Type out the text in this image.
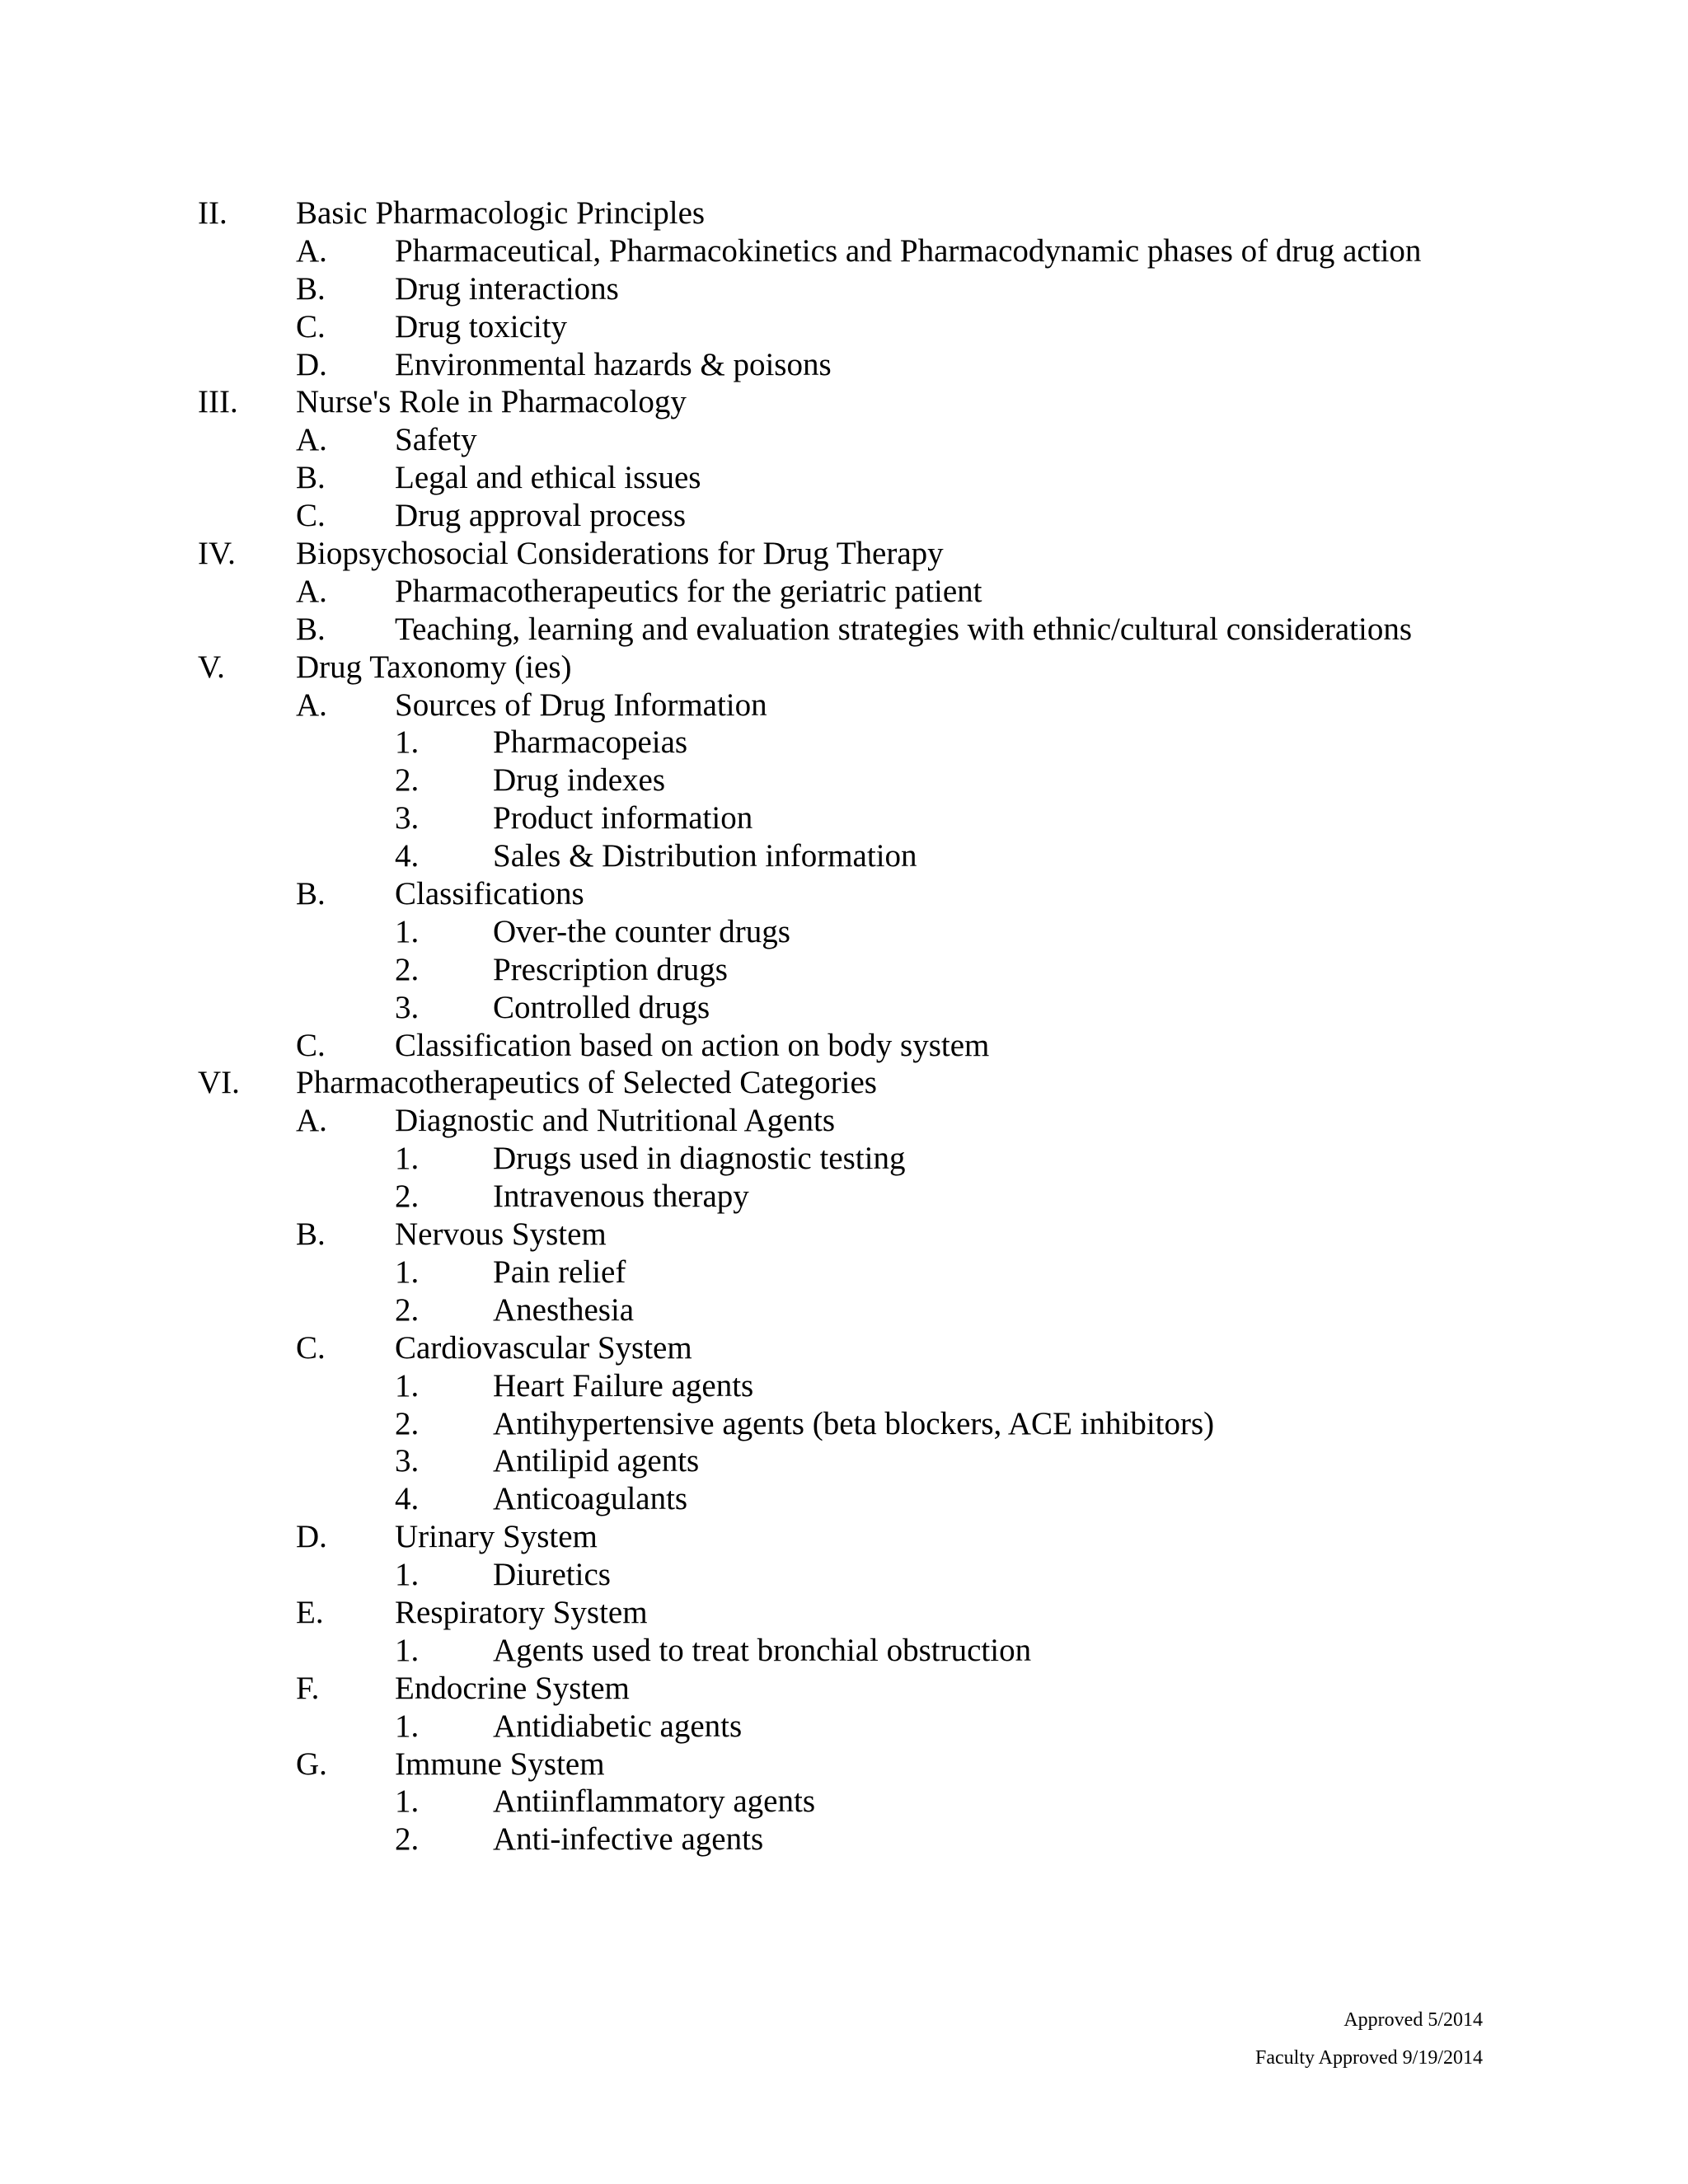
II. Basic Pharmacologic Principles
A. Pharmaceutical, Pharmacokinetics and Pharmacodynamic phases of drug action
B. Drug interactions
C. Drug toxicity
D. Environmental hazards & poisons
III. Nurse's Role in Pharmacology
A. Safety
B. Legal and ethical issues
C. Drug approval process
IV. Biopsychosocial Considerations for Drug Therapy
A. Pharmacotherapeutics for the geriatric patient
B. Teaching, learning and evaluation strategies with ethnic/cultural considerations
V. Drug Taxonomy (ies)
A. Sources of Drug Information
1. Pharmacopeias
2. Drug indexes
3. Product information
4. Sales & Distribution information
B. Classifications
1. Over-the counter drugs
2. Prescription drugs
3. Controlled drugs
C. Classification based on action on body system
VI. Pharmacotherapeutics of Selected Categories
A. Diagnostic and Nutritional Agents
1. Drugs used in diagnostic testing
2. Intravenous therapy
B. Nervous System
1. Pain relief
2. Anesthesia
C. Cardiovascular System
1. Heart Failure agents
2. Antihypertensive agents (beta blockers, ACE inhibitors)
3. Antilipid agents
4. Anticoagulants
D. Urinary System
1. Diuretics
E. Respiratory System
1. Agents used to treat bronchial obstruction
F. Endocrine System
1. Antidiabetic agents
G. Immune System
1. Antiinflammatory agents
2. Anti-infective agents
Approved 5/2014
Faculty Approved 9/19/2014
